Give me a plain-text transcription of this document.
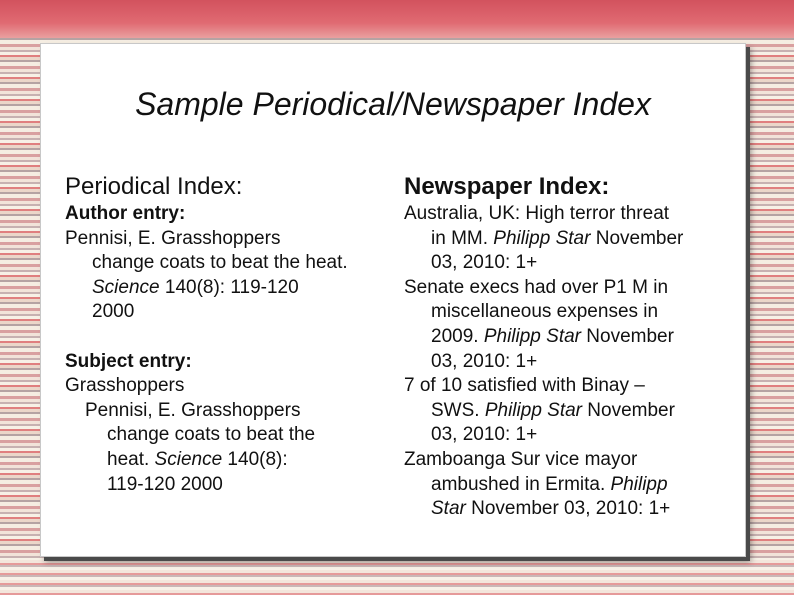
Sample Periodical/Newspaper Index
Periodical Index:
Author entry:
Pennisi, E. Grasshoppers
change coats to beat the heat.
Science 140(8): 119-120
2000
Subject entry:
Grasshoppers
Pennisi, E. Grasshoppers
change coats to beat the
heat. Science 140(8):
119-120 2000
Newspaper Index:
Australia, UK: High terror threat
in MM. Philipp Star November
03, 2010: 1+
Senate execs had over P1 M in
miscellaneous expenses in
2009. Philipp Star November
03, 2010: 1+
7 of 10 satisfied with Binay –
SWS. Philipp Star November
03, 2010: 1+
Zamboanga Sur vice mayor
ambushed in Ermita. Philipp
Star November 03, 2010: 1+
